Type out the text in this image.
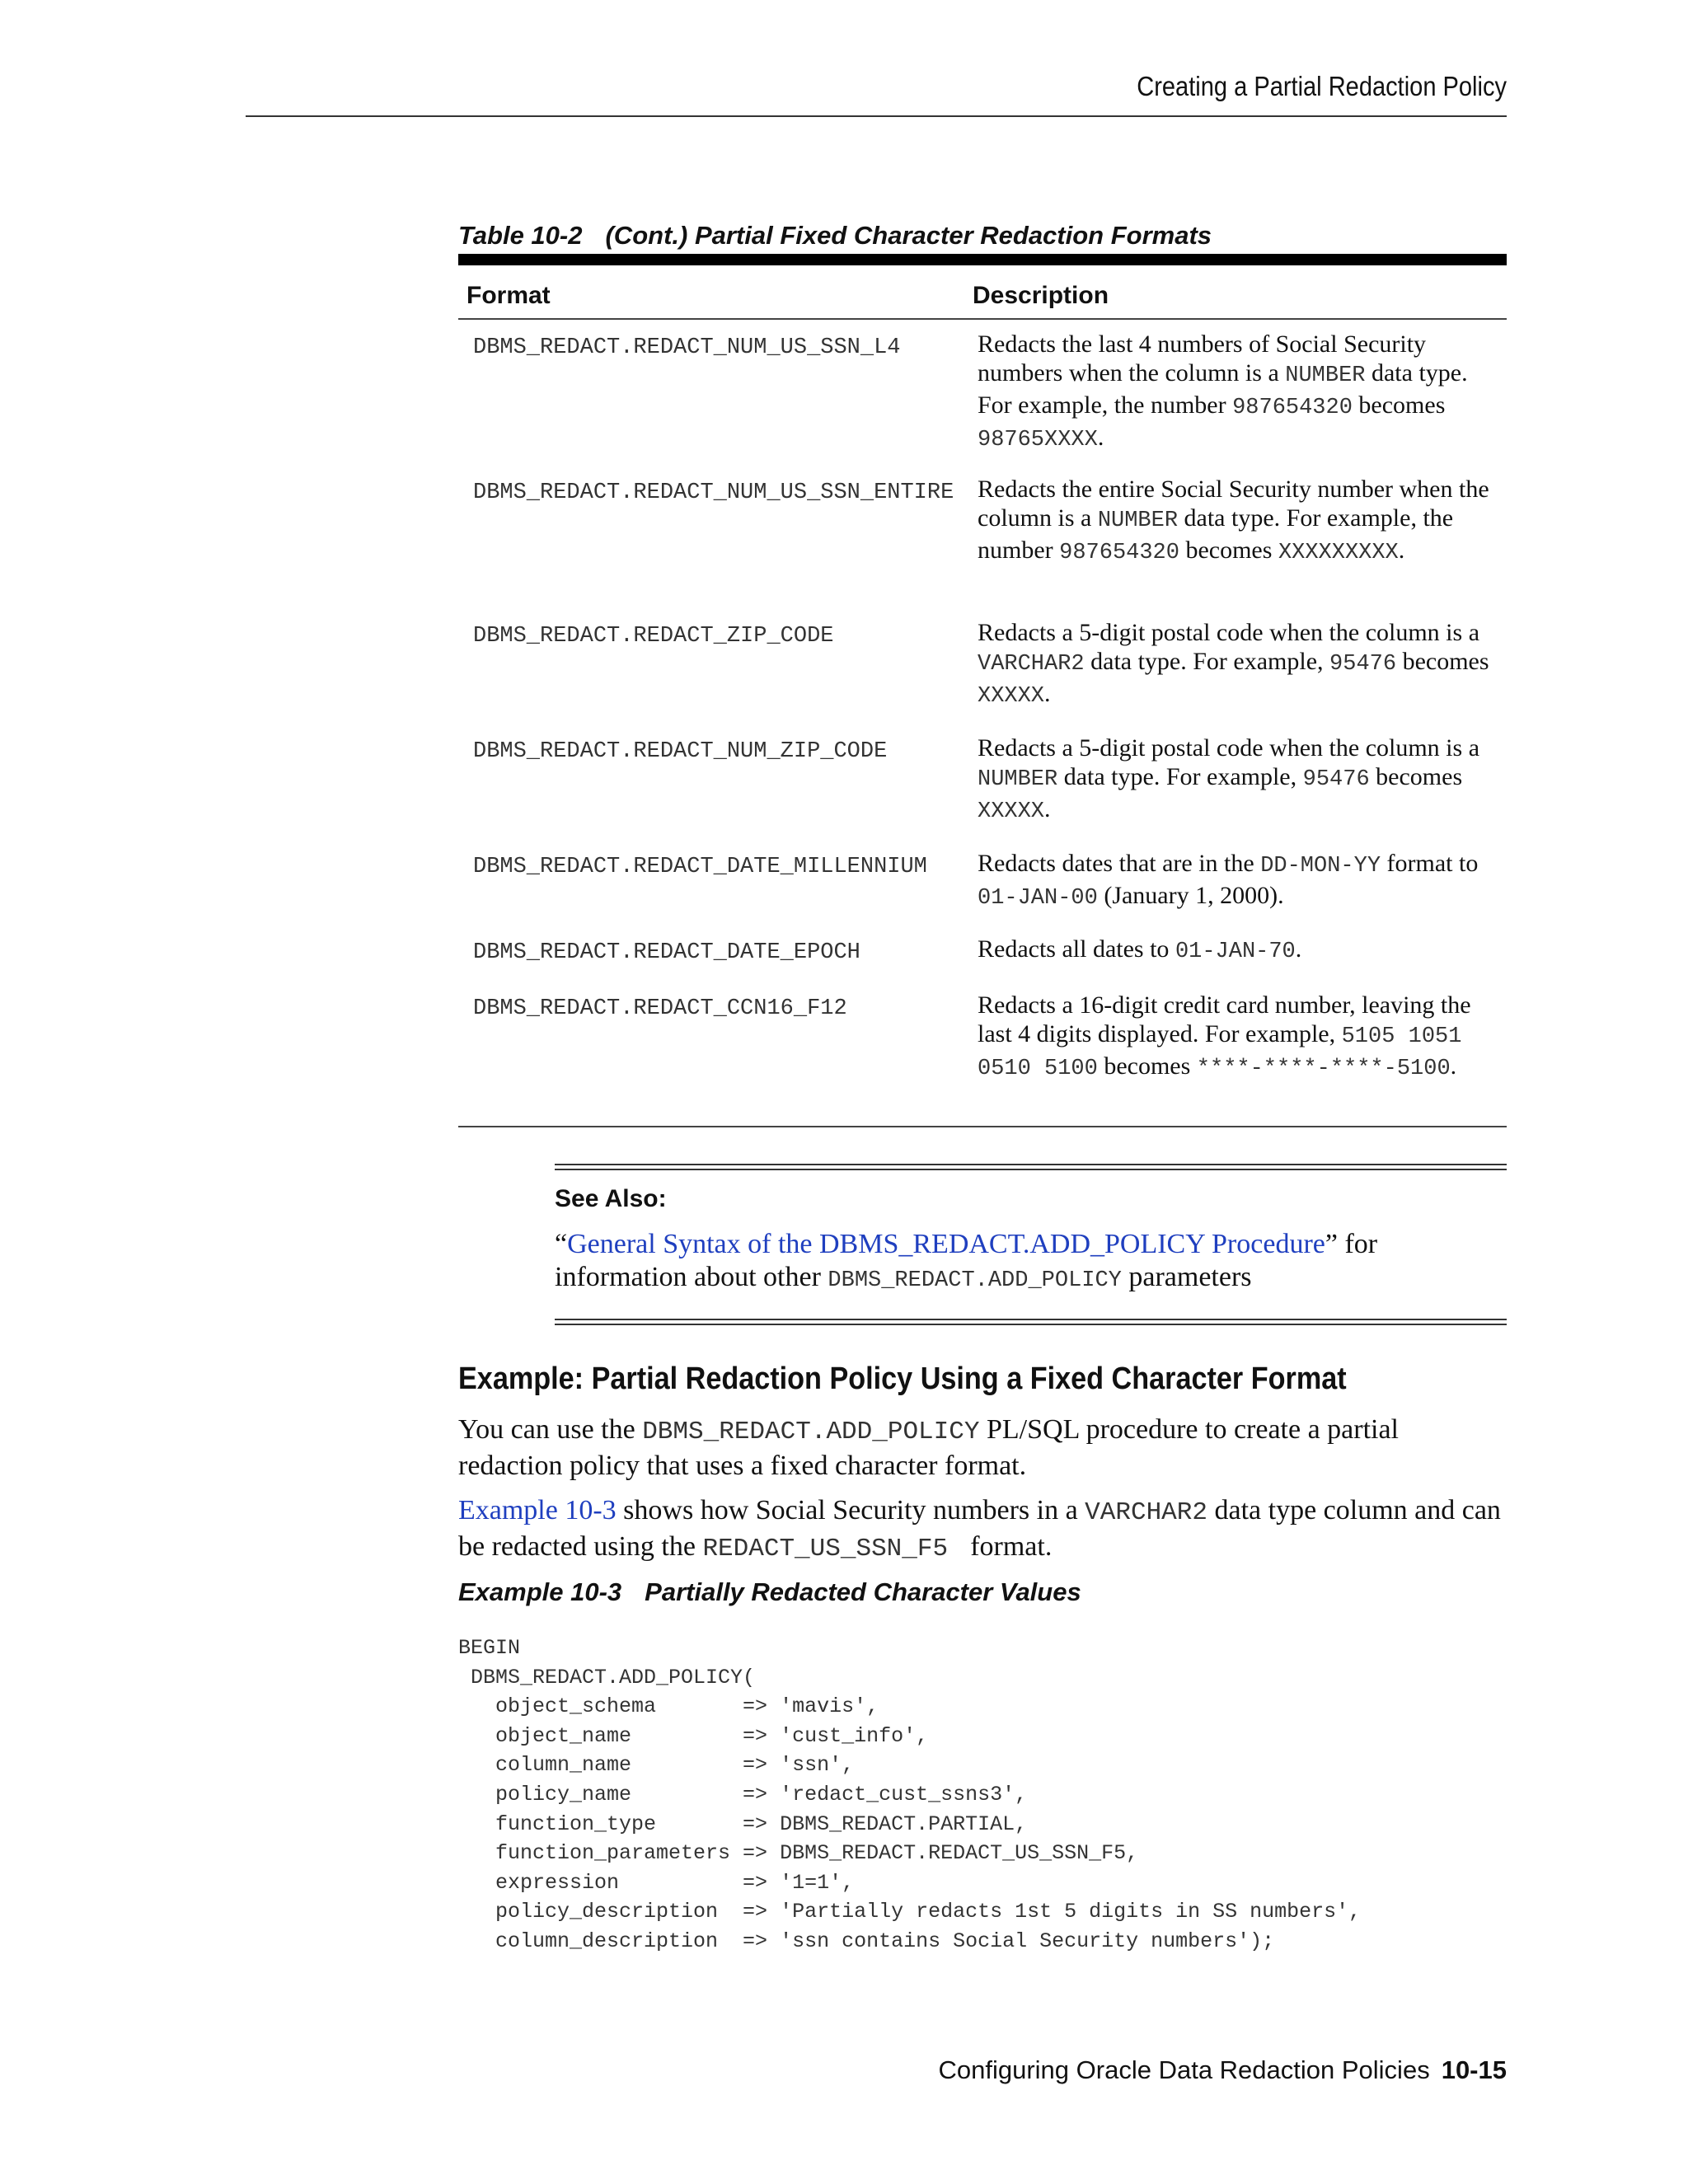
Creating a Partial Redaction Policy
Table 10-2 (Cont.) Partial Fixed Character Redaction Formats
Format	Description
DBMS_REDACT.REDACT_NUM_US_SSN_L4	Redacts the last 4 numbers of Social Security numbers when the column is a NUMBER data type. For example, the number 987654320 becomes 98765XXXX.
DBMS_REDACT.REDACT_NUM_US_SSN_ENTIRE Redacts the entire Social Security number when the column is a NUMBER data type. For example, the number 987654320 becomes XXXXXXXXX.
DBMS_REDACT.REDACT_ZIP_CODE	Redacts a 5-digit postal code when the column is a VARCHAR2 data type. For example, 95476 becomes XXXXX.
DBMS_REDACT.REDACT_NUM_ZIP_CODE	Redacts a 5-digit postal code when the column is a NUMBER data type. For example, 95476 becomes XXXXX.
DBMS_REDACT.REDACT_DATE_MILLENNIUM	Redacts dates that are in the DD-MON-YY format to 01-JAN-00 (January 1, 2000).
DBMS_REDACT.REDACT_DATE_EPOCH	Redacts all dates to 01-JAN-70.
DBMS_REDACT.REDACT_CCN16_F12	Redacts a 16-digit credit card number, leaving the last 4 digits displayed. For example, 5105 1051 0510 5100 becomes ****-****-****-5100.
See Also:
“General Syntax of the DBMS_REDACT.ADD_POLICY Procedure” for information about other DBMS_REDACT.ADD_POLICY parameters
Example: Partial Redaction Policy Using a Fixed Character Format
You can use the DBMS_REDACT.ADD_POLICY PL/SQL procedure to create a partial redaction policy that uses a fixed character format.
Example 10-3 shows how Social Security numbers in a VARCHAR2 data type column and can be redacted using the REDACT_US_SSN_F5  format.
Example 10-3 Partially Redacted Character Values
BEGIN
DBMS_REDACT.ADD_POLICY(
object_schema       => 'mavis',
object_name         => 'cust_info',
column_name         => 'ssn',
policy_name         => 'redact_cust_ssns3',
function_type       => DBMS_REDACT.PARTIAL,
function_parameters => DBMS_REDACT.REDACT_US_SSN_F5,
expression          => '1=1',
policy_description  => 'Partially redacts 1st 5 digits in SS numbers',
column_description  => 'ssn contains Social Security numbers');
Configuring Oracle Data Redaction Policies 10-15
